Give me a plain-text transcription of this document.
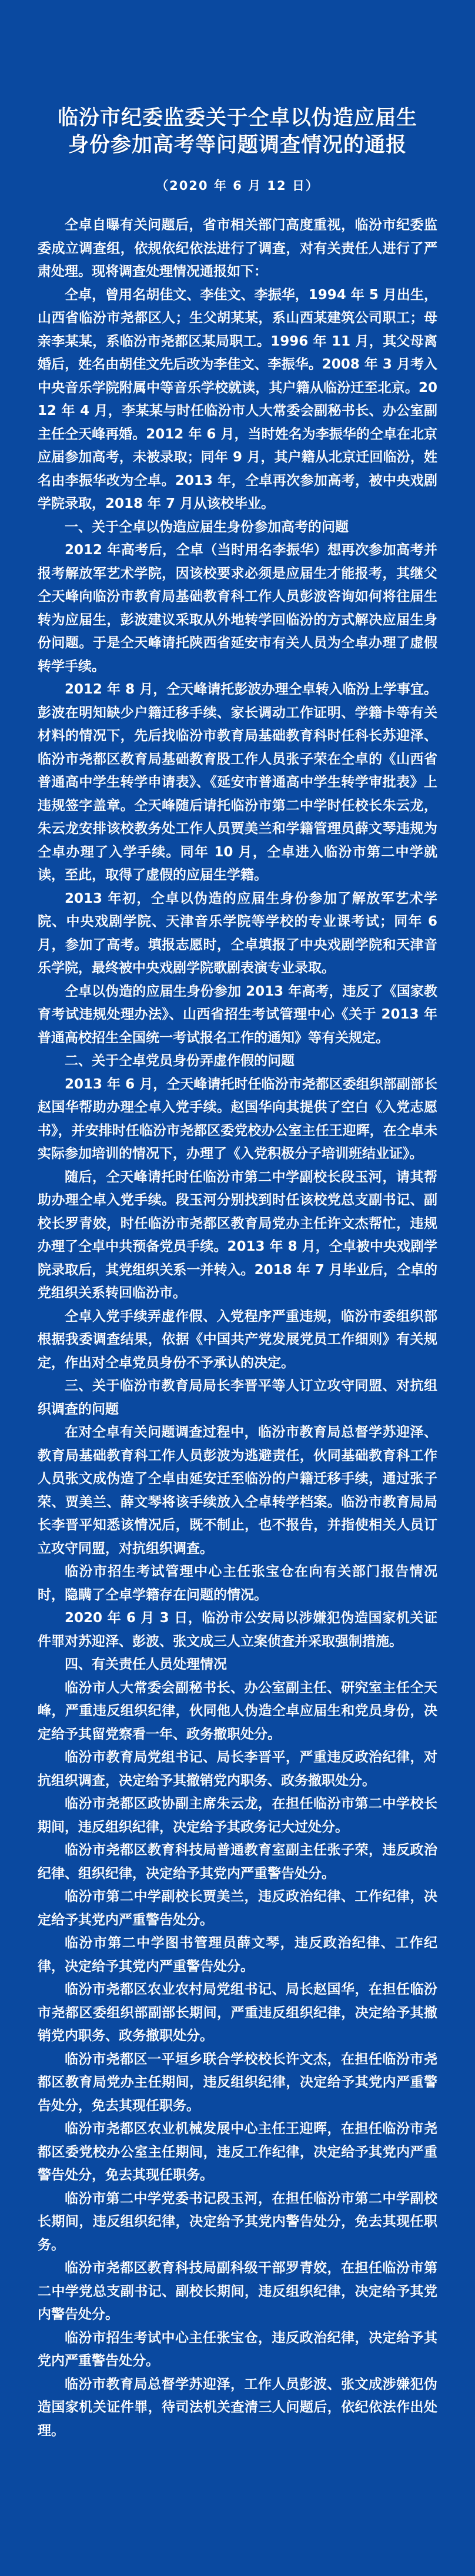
临汾市纪委监委关于仝卓以伪造应届生
身份参加高考等问题调查情况的通报
（2020 年 6 月 12 日）

仝卓自曝有关问题后，省市相关部门高度重视，临汾市纪委监委成立调查组，依规依纪依法进行了调查，对有关责任人进行了严肃处理。现将调查处理情况通报如下：

仝卓，曾用名胡佳文、李佳文、李振华，1994 年 5 月出生，山西省临汾市尧都区人；生父胡某某，系山西某建筑公司职工；母亲李某某，系临汾市尧都区某局职工。1996 年 11 月，其父母离婚后，姓名由胡佳文先后改为李佳文、李振华。2008 年 3 月考入中央音乐学院附属中等音乐学校就读，其户籍从临汾迁至北京。2012 年 4 月，李某某与时任临汾市人大常委会副秘书长、办公室副主任仝天峰再婚。2012 年 6 月，当时姓名为李振华的仝卓在北京应届参加高考，未被录取；同年 9 月，其户籍从北京迁回临汾，姓名由李振华改为仝卓。2013 年，仝卓再次参加高考，被中央戏剧学院录取，2018 年 7 月从该校毕业。

一、关于仝卓以伪造应届生身份参加高考的问题

2012 年高考后，仝卓（当时用名李振华）想再次参加高考并报考解放军艺术学院，因该校要求必须是应届生才能报考，其继父仝天峰向临汾市教育局基础教育科工作人员彭波咨询如何将往届生转为应届生，彭波建议采取从外地转学回临汾的方式解决应届生身份问题。于是仝天峰请托陕西省延安市有关人员为仝卓办理了虚假转学手续。

2012 年 8 月，仝天峰请托彭波办理仝卓转入临汾上学事宜。彭波在明知缺少户籍迁移手续、家长调动工作证明、学籍卡等有关材料的情况下，先后找临汾市教育局基础教育科时任科长苏迎泽、临汾市尧都区教育局基础教育股工作人员张子荣在仝卓的《山西省普通高中学生转学申请表》、《延安市普通高中学生转学审批表》上违规签字盖章。仝天峰随后请托临汾市第二中学时任校长朱云龙，朱云龙安排该校教务处工作人员贾美兰和学籍管理员薛文琴违规为仝卓办理了入学手续。同年 10 月，仝卓进入临汾市第二中学就读，至此，取得了虚假的应届生学籍。

2013 年初，仝卓以伪造的应届生身份参加了解放军艺术学院、中央戏剧学院、天津音乐学院等学校的专业课考试；同年 6 月，参加了高考。填报志愿时，仝卓填报了中央戏剧学院和天津音乐学院，最终被中央戏剧学院歌剧表演专业录取。

仝卓以伪造的应届生身份参加 2013 年高考，违反了《国家教育考试违规处理办法》、山西省招生考试管理中心《关于 2013 年普通高校招生全国统一考试报名工作的通知》等有关规定。

二、关于仝卓党员身份弄虚作假的问题

2013 年 6 月，仝天峰请托时任临汾市尧都区委组织部副部长赵国华帮助办理仝卓入党手续。赵国华向其提供了空白《入党志愿书》，并安排时任临汾市尧都区委党校办公室主任王迎晖，在仝卓未实际参加培训的情况下，办理了《入党积极分子培训班结业证》。

随后，仝天峰请托时任临汾市第二中学副校长段玉河，请其帮助办理仝卓入党手续。段玉河分别找到时任该校党总支副书记、副校长罗青姣，时任临汾市尧都区教育局党办主任许文杰帮忙，违规办理了仝卓中共预备党员手续。2013 年 8 月，仝卓被中央戏剧学院录取后，其党组织关系一并转入。2018 年 7 月毕业后，仝卓的党组织关系转回临汾市。

仝卓入党手续弄虚作假、入党程序严重违规，临汾市委组织部根据我委调查结果，依据《中国共产党发展党员工作细则》有关规定，作出对仝卓党员身份不予承认的决定。

三、关于临汾市教育局局长李晋平等人订立攻守同盟、对抗组织调查的问题

在对仝卓有关问题调查过程中，临汾市教育局总督学苏迎泽、教育局基础教育科工作人员彭波为逃避责任，伙同基础教育科工作人员张文成伪造了仝卓由延安迁至临汾的户籍迁移手续，通过张子荣、贾美兰、薛文琴将该手续放入仝卓转学档案。临汾市教育局局长李晋平知悉该情况后，既不制止，也不报告，并指使相关人员订立攻守同盟，对抗组织调查。

临汾市招生考试管理中心主任张宝仓在向有关部门报告情况时，隐瞒了仝卓学籍存在问题的情况。

2020 年 6 月 3 日，临汾市公安局以涉嫌犯伪造国家机关证件罪对苏迎泽、彭波、张文成三人立案侦查并采取强制措施。

四、有关责任人员处理情况

临汾市人大常委会副秘书长、办公室副主任、研究室主任仝天峰，严重违反组织纪律，伙同他人伪造仝卓应届生和党员身份，决定给予其留党察看一年、政务撤职处分。

临汾市教育局党组书记、局长李晋平，严重违反政治纪律，对抗组织调查，决定给予其撤销党内职务、政务撤职处分。

临汾市尧都区政协副主席朱云龙，在担任临汾市第二中学校长期间，违反组织纪律，决定给予其政务记大过处分。

临汾市尧都区教育科技局普通教育室副主任张子荣，违反政治纪律、组织纪律，决定给予其党内严重警告处分。

临汾市第二中学副校长贾美兰，违反政治纪律、工作纪律，决定给予其党内严重警告处分。

临汾市第二中学图书管理员薛文琴，违反政治纪律、工作纪律，决定给予其党内严重警告处分。

临汾市尧都区农业农村局党组书记、局长赵国华，在担任临汾市尧都区委组织部副部长期间，严重违反组织纪律，决定给予其撤销党内职务、政务撤职处分。

临汾市尧都区一平垣乡联合学校校长许文杰，在担任临汾市尧都区教育局党办主任期间，违反组织纪律，决定给予其党内严重警告处分，免去其现任职务。

临汾市尧都区农业机械发展中心主任王迎晖，在担任临汾市尧都区委党校办公室主任期间，违反工作纪律，决定给予其党内严重警告处分，免去其现任职务。

临汾市第二中学党委书记段玉河，在担任临汾市第二中学副校长期间，违反组织纪律，决定给予其党内警告处分，免去其现任职务。

临汾市尧都区教育科技局副科级干部罗青姣，在担任临汾市第二中学党总支副书记、副校长期间，违反组织纪律，决定给予其党内警告处分。

临汾市招生考试中心主任张宝仓，违反政治纪律，决定给予其党内严重警告处分。

临汾市教育局总督学苏迎泽，工作人员彭波、张文成涉嫌犯伪造国家机关证件罪，待司法机关查清三人问题后，依纪依法作出处理。
